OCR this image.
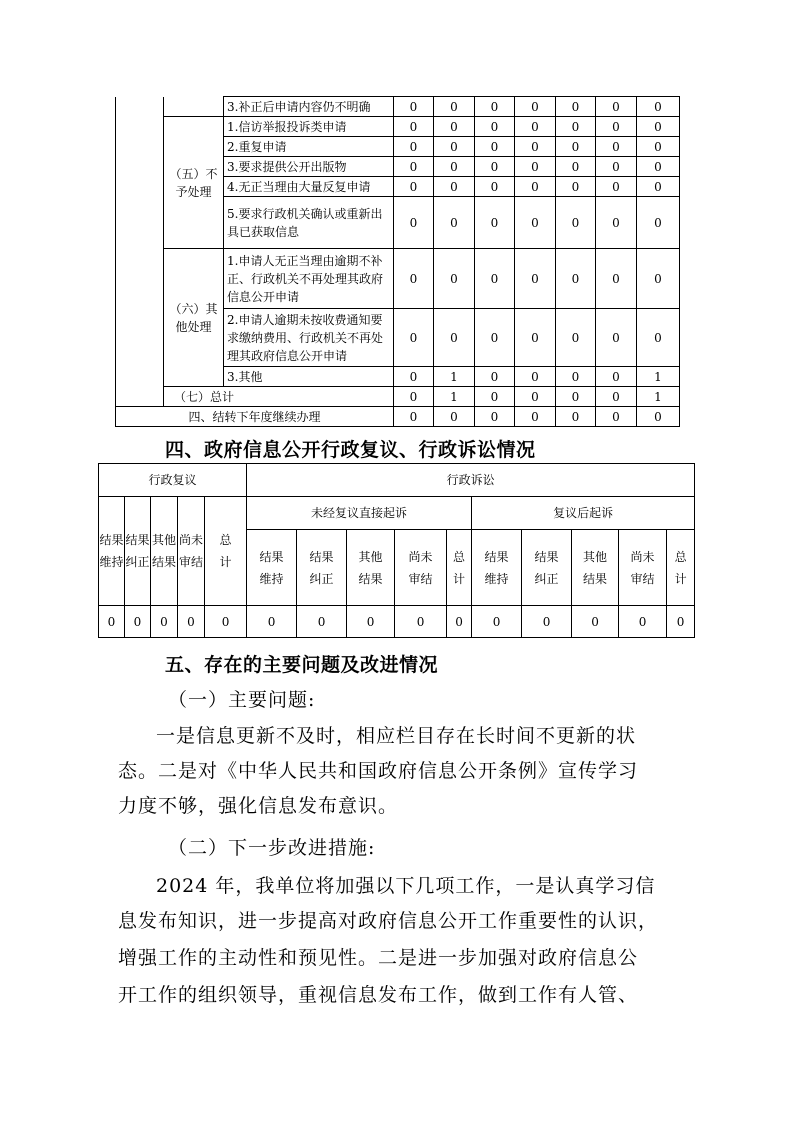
		3.补正后申请内容仍不明确	0	0	0	0	0	0	0
	（五）不予处理	1.信访举报投诉类申请	0	0	0	0	0	0	0
		2.重复申请	0	0	0	0	0	0	0
		3.要求提供公开出版物	0	0	0	0	0	0	0
		4.无正当理由大量反复申请	0	0	0	0	0	0	0
		5.要求行政机关确认或重新出具已获取信息	0	0	0	0	0	0	0
	（六）其他处理	1.申请人无正当理由逾期不补正、行政机关不再处理其政府信息公开申请	0	0	0	0	0	0	0
		2.申请人逾期未按收费通知要求缴纳费用、行政机关不再处理其政府信息公开申请	0	0	0	0	0	0	0
		3.其他	0	1	0	0	0	0	1
	（七）总计		0	1	0	0	0	0	1
四、结转下年度继续办理			0	0	0	0	0	0	0
四、政府信息公开行政复议、行政诉讼情况
行政复议					行政诉讼									
结果维持	结果纠正	其他结果	尚未审结	总计	未经复议直接起诉					复议后起诉				
					结果维持	结果纠正	其他结果	尚未审结	总计	结果维持	结果纠正	其他结果	尚未审结	总计
0	0	0	0	0	0	0	0	0	0	0	0	0	0	0
五、存在的主要问题及改进情况
（一）主要问题:
一是信息更新不及时，相应栏目存在长时间不更新的状
态。二是对《中华人民共和国政府信息公开条例》宣传学习
力度不够，强化信息发布意识。
（二）下一步改进措施:
2024 年，我单位将加强以下几项工作，一是认真学习信
息发布知识，进一步提高对政府信息公开工作重要性的认识，
增强工作的主动性和预见性。二是进一步加强对政府信息公
开工作的组织领导，重视信息发布工作，做到工作有人管、
